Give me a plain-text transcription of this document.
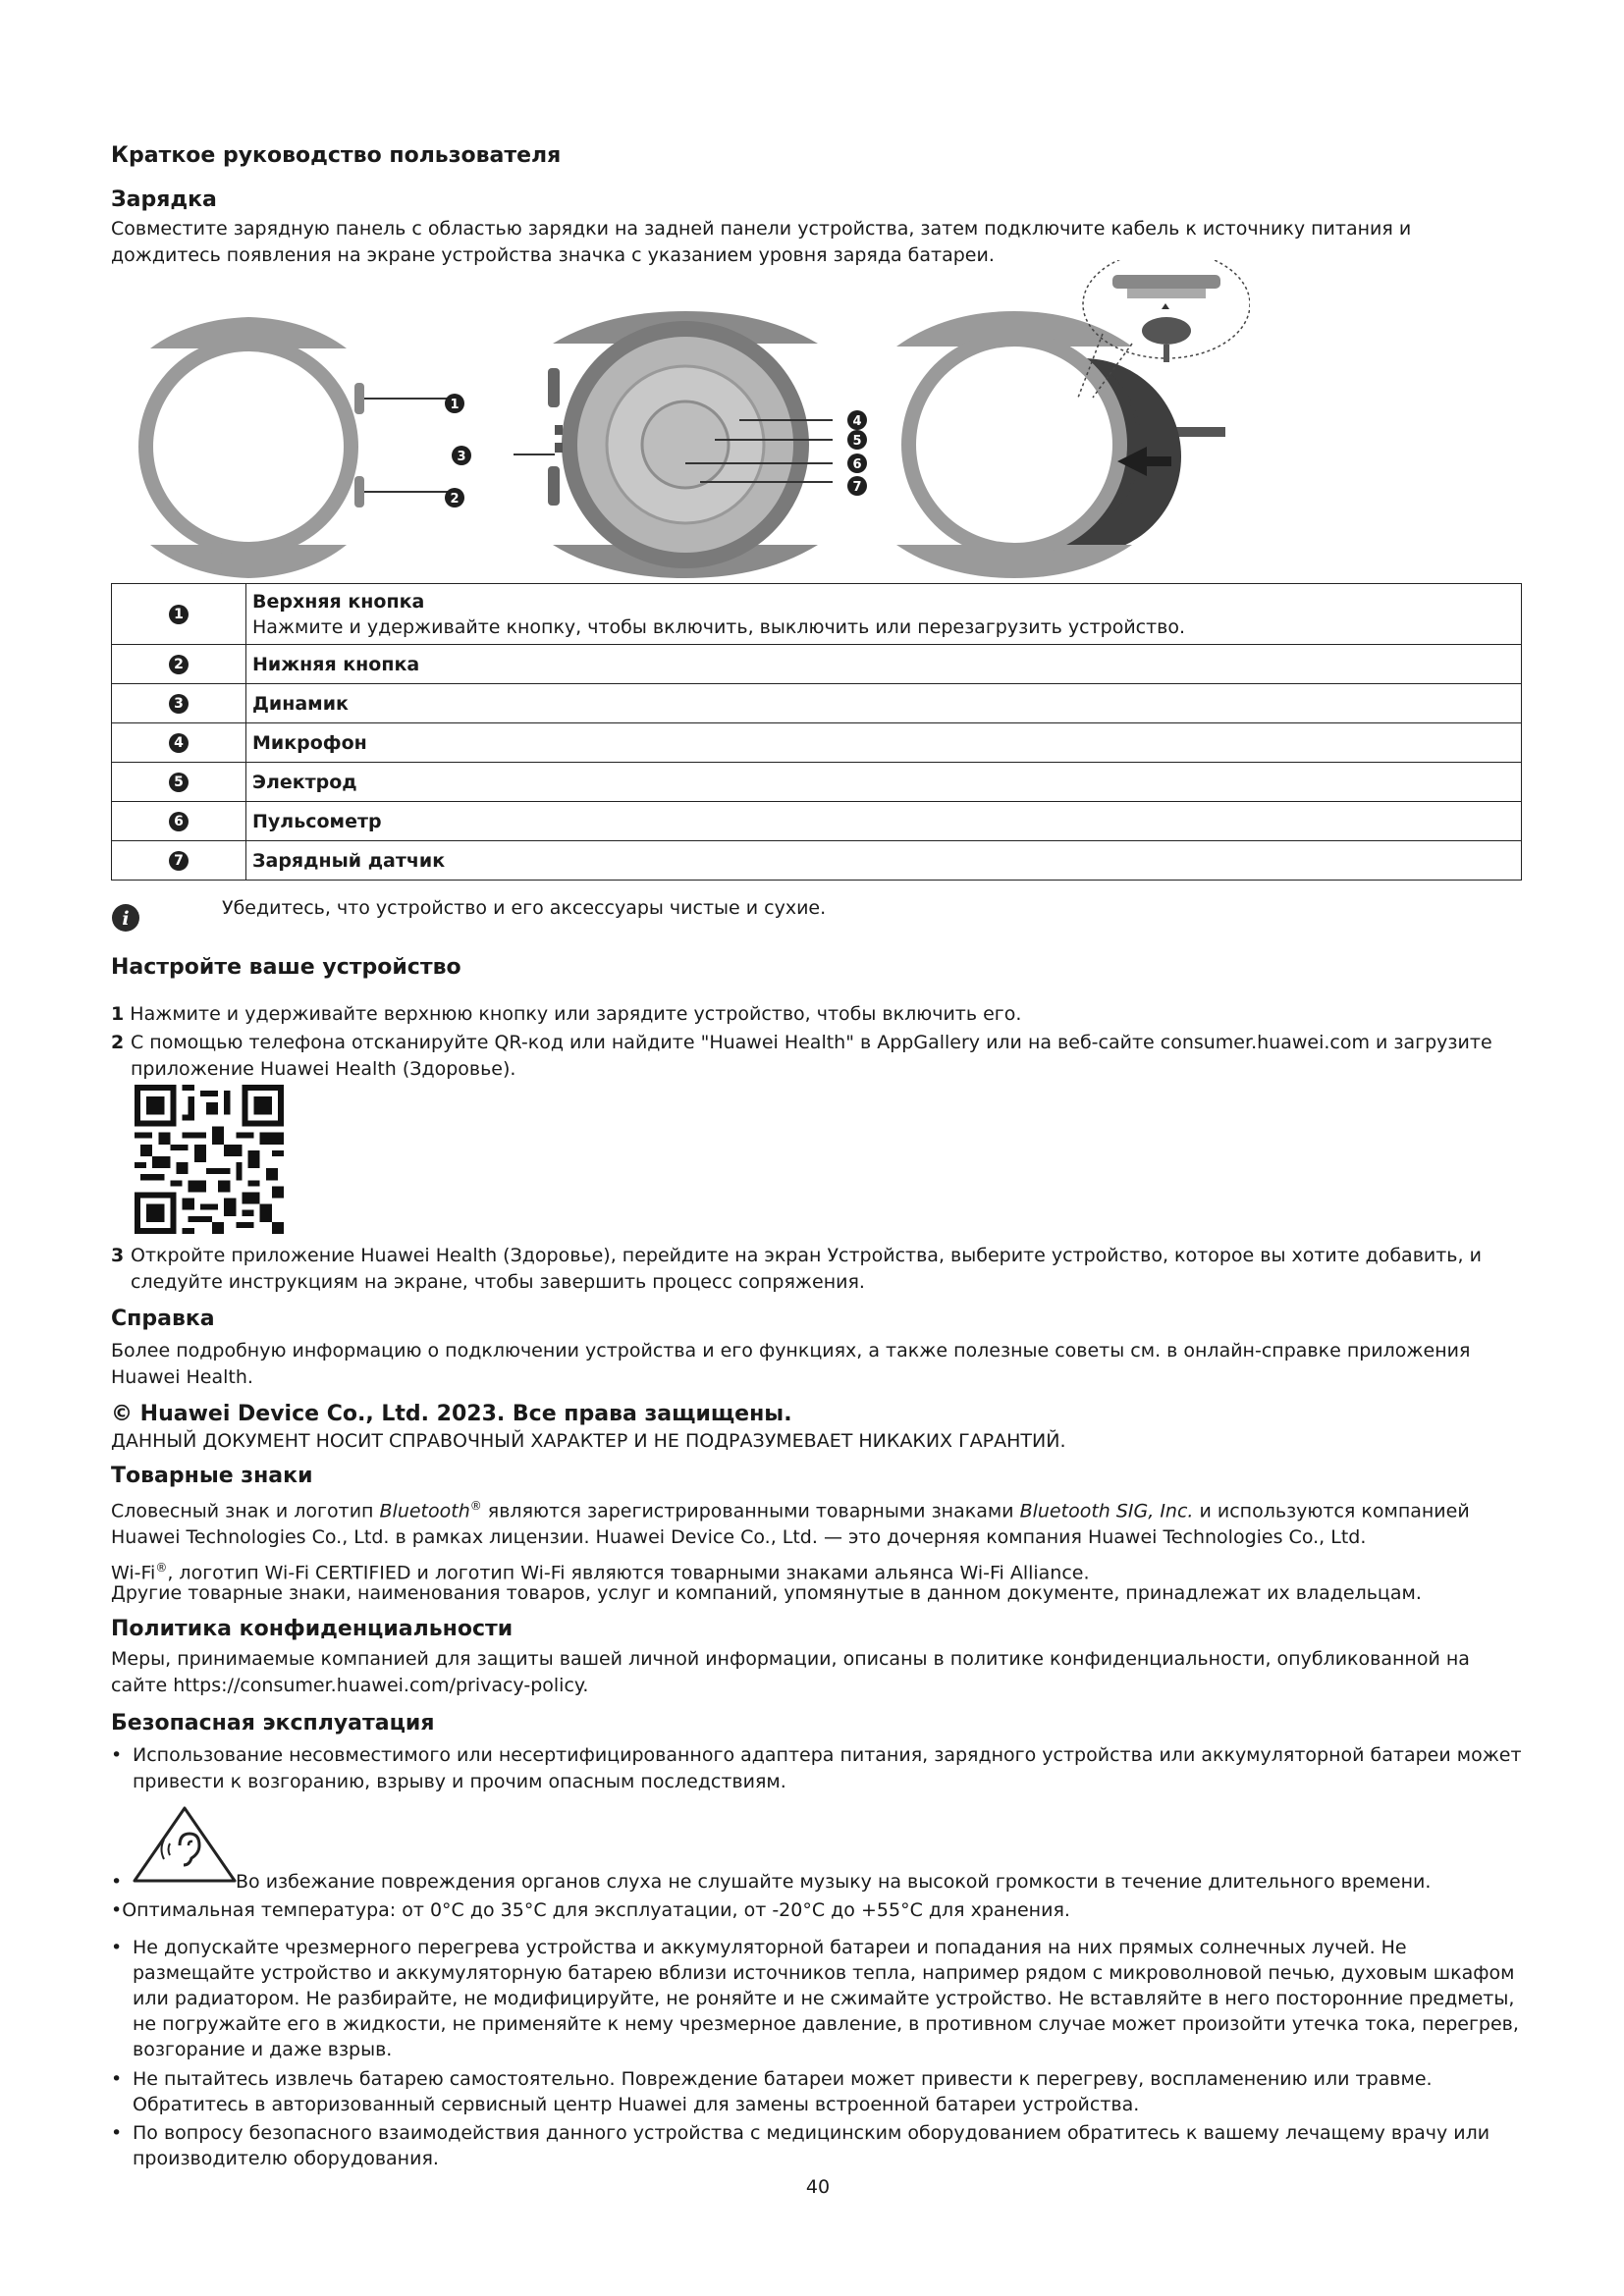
Краткое руководство пользователя
Зарядка

Совместите зарядную панель с областью зарядки на задней панели устройства, затем подключите кабель к источнику питания и дождитесь появления на экране устройства значка с указанием уровня заряда батареи.

1
2
3
4
5
6
7
1	Верхняя кнопка
Нажмите и удерживайте кнопку, чтобы включить, выключить или перезагрузить устройство.

2	Нижняя кнопка
3	Динамик
4	Микрофон
5	Электрод
6	Пульсометр
7	Зарядный датчик
i	Убедитесь, что устройство и его аксессуары чистые и сухие.

Настройте ваше устройство
1 Нажмите и удерживайте верхнюю кнопку или зарядите устройство, чтобы включить его.
2 С помощью телефона отсканируйте QR-код или найдите "Huawei Health" в AppGallery или на веб-сайте consumer.huawei.com и загрузите приложение Huawei Health (Здоровье).
3 Откройте приложение Huawei Health (Здоровье), перейдите на экран Устройства, выберите устройство, которое вы хотите добавить, и следуйте инструкциям на экране, чтобы завершить процесс сопряжения.
Справка

Более подробную информацию о подключении устройства и его функциях, а также полезные советы см. в онлайн-справке приложения Huawei Health.

© Huawei Device Co., Ltd. 2023. Все права защищены.

ДАННЫЙ ДОКУМЕНТ НОСИТ СПРАВОЧНЫЙ ХАРАКТЕР И НЕ ПОДРАЗУМЕВАЕТ НИКАКИХ ГАРАНТИЙ.

Товарные знаки

Словесный знак и логотип Bluetooth® являются зарегистрированными товарными знаками Bluetooth SIG, Inc. и используются компанией Huawei Technologies Co., Ltd. в рамках лицензии. Huawei Device Co., Ltd. — это дочерняя компания Huawei Technologies Co., Ltd.

Wi-Fi®, логотип Wi-Fi CERTIFIED и логотип Wi-Fi являются товарными знаками альянса Wi-Fi Alliance.

Другие товарные знаки, наименования товаров, услуг и компаний, упомянутые в данном документе, принадлежат их владельцам.

Политика конфиденциальности

Меры, принимаемые компанией для защиты вашей личной информации, описаны в политике конфиденциальности, опубликованной на сайте https://consumer.huawei.com/privacy-policy.

Безопасная эксплуатация
• Использование несовместимого или несертифицированного адаптера питания, зарядного устройства или аккумуляторной батареи может привести к возгоранию, взрыву и прочим опасным последствиям.
•	Во избежание повреждения органов слуха не слушайте музыку на высокой громкости в течение длительного времени.

•Оптимальная температура: от 0°C до 35°C для эксплуатации, от -20°C до +55°C для хранения.

• Не допускайте чрезмерного перегрева устройства и аккумуляторной батареи и попадания на них прямых солнечных лучей. Не размещайте устройство и аккумуляторную батарею вблизи источников тепла, например рядом с микроволновой печью, духовым шкафом или радиатором. Не разбирайте, не модифицируйте, не роняйте и не сжимайте устройство. Не вставляйте в него посторонние предметы, не погружайте его в жидкости, не применяйте к нему чрезмерное давление, в противном случае может произойти утечка тока, перегрев, возгорание и даже взрыв.
• Не пытайтесь извлечь батарею самостоятельно. Повреждение батареи может привести к перегреву, воспламенению или травме. Обратитесь в авторизованный сервисный центр Huawei для замены встроенной батареи устройства.
• По вопросу безопасного взаимодействия данного устройства с медицинским оборудованием обратитесь к вашему лечащему врачу или производителю оборудования.
40
